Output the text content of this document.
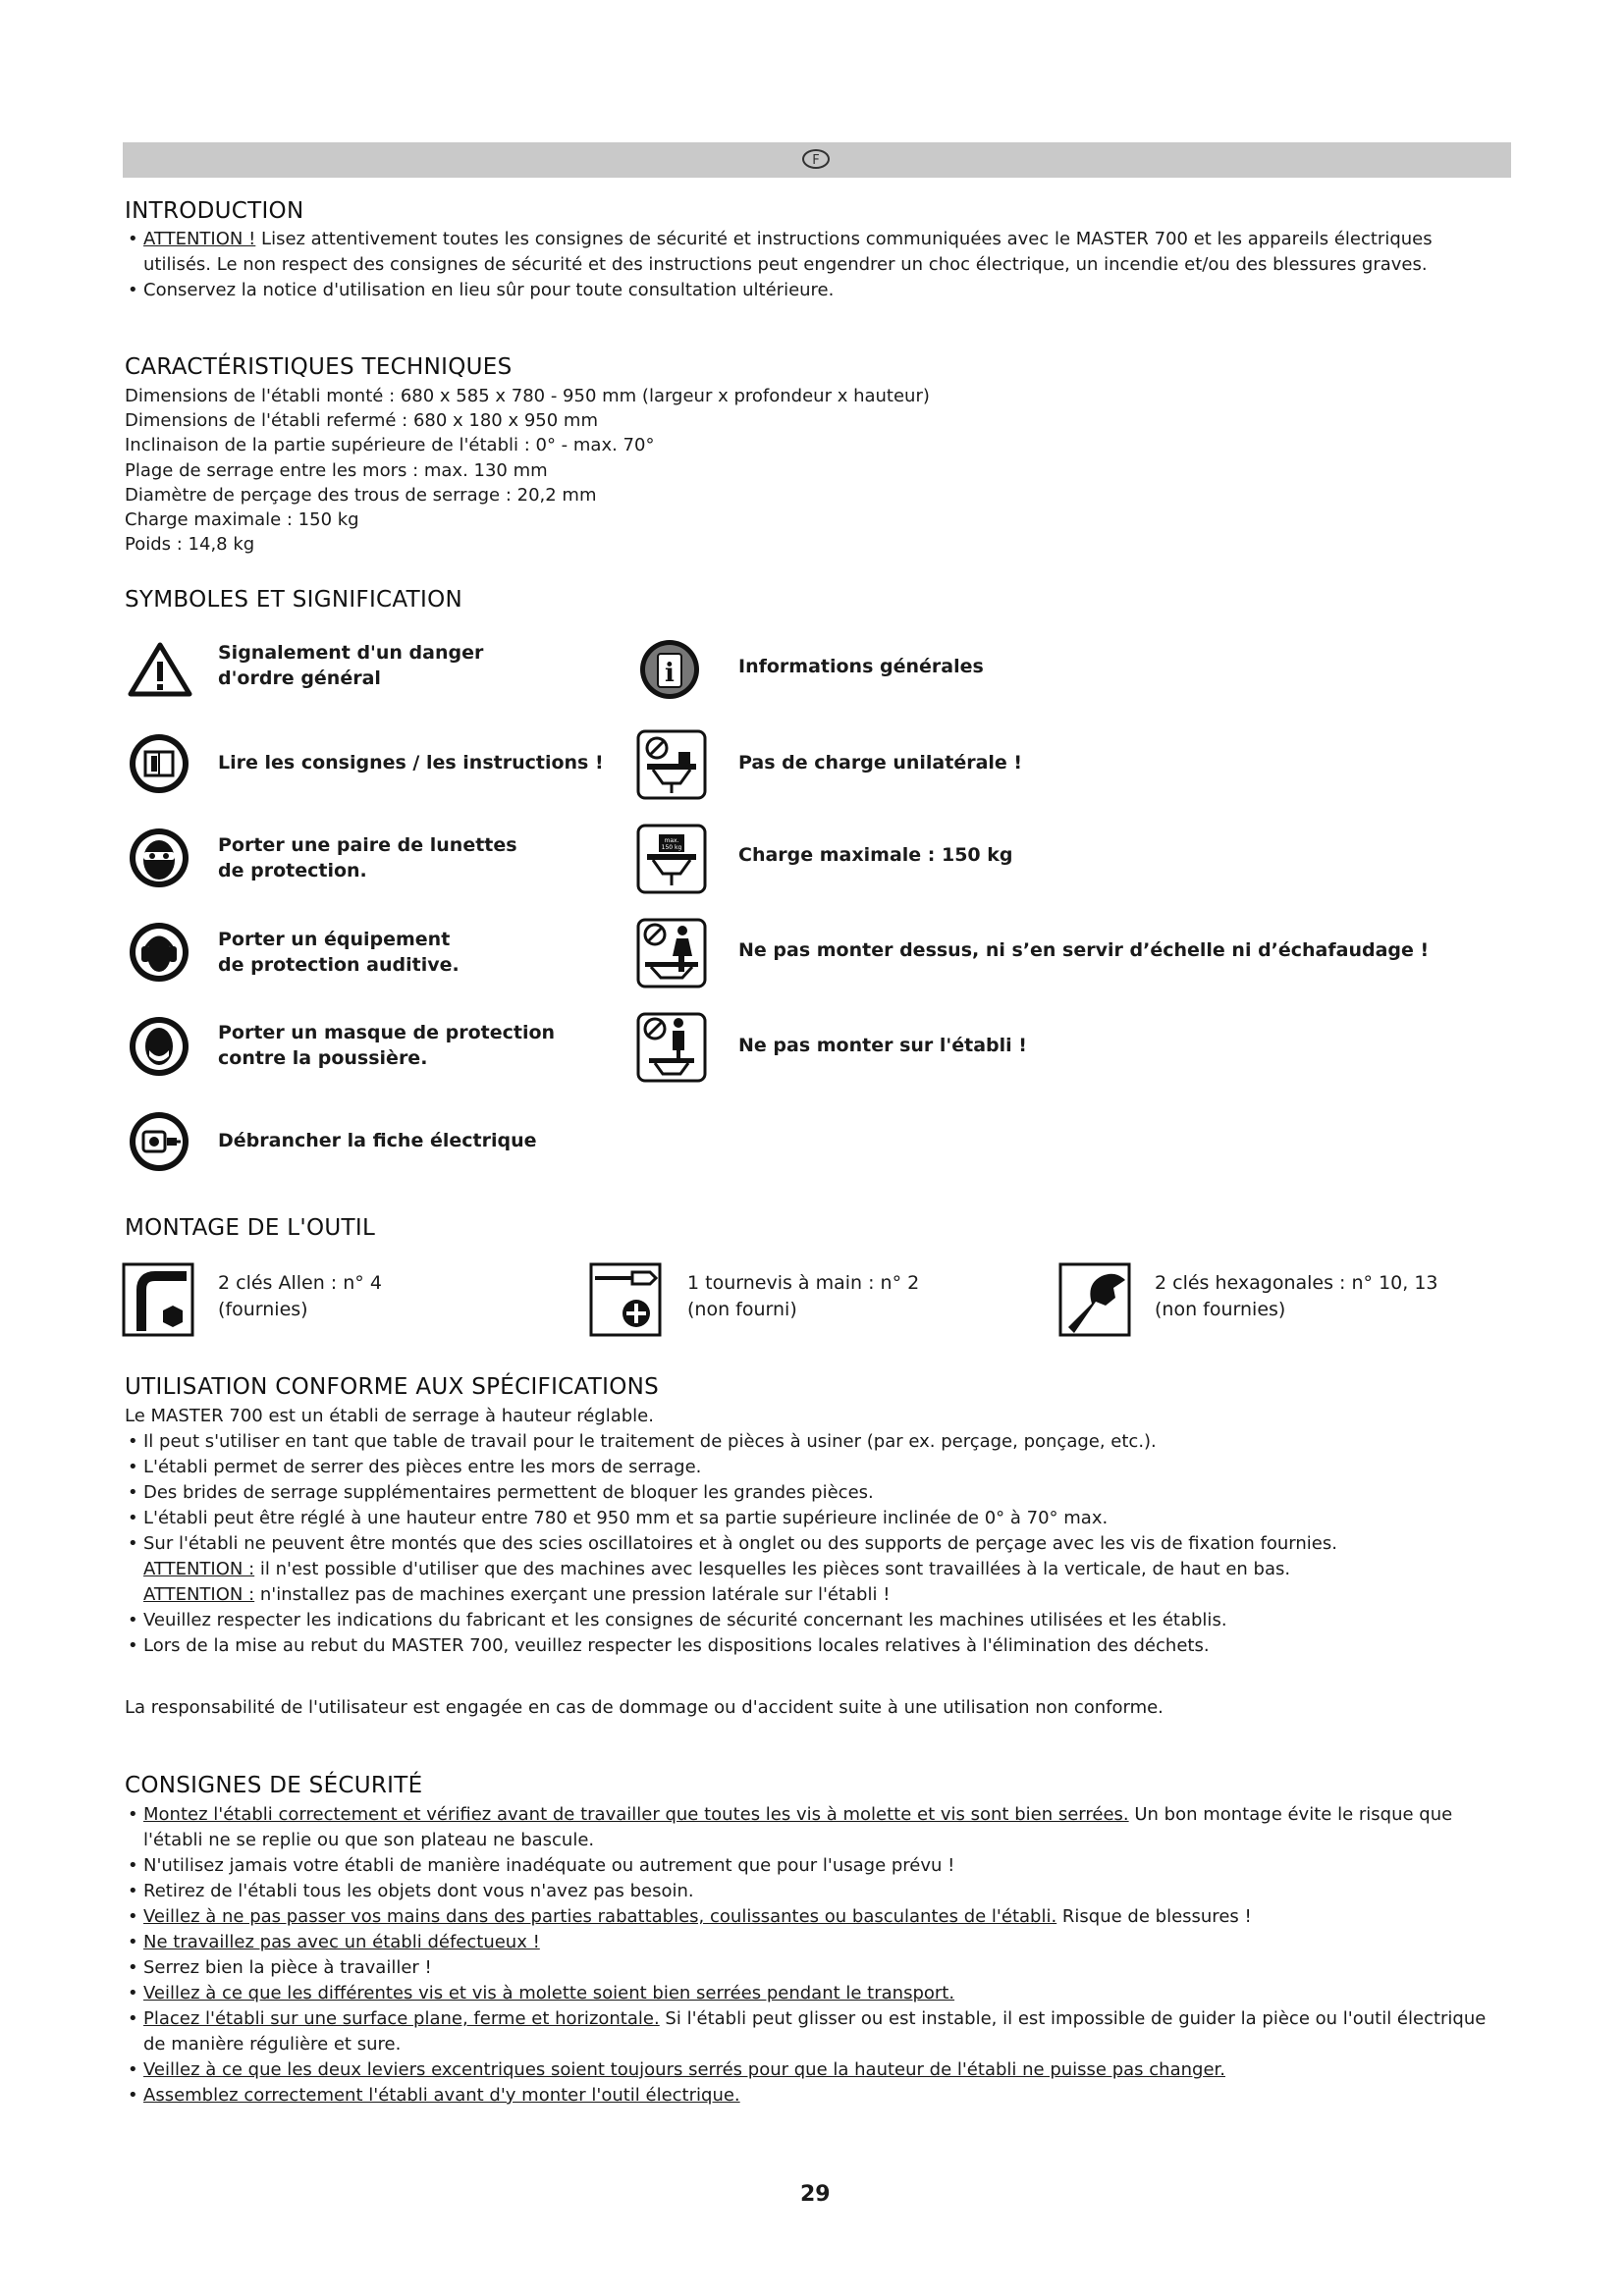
F
INTRODUCTION
• ATTENTION ! Lisez attentivement toutes les consignes de sécurité et instructions communiquées avec le MASTER 700 et les appareils électriques utilisés. Le non respect des consignes de sécurité et des instructions peut engendrer un choc électrique, un incendie et/ou des blessures graves.
• Conservez la notice d'utilisation en lieu sûr pour toute consultation ultérieure.
CARACTÉRISTIQUES TECHNIQUES
Dimensions de l'établi monté : 680 x 585 x 780 - 950 mm (largeur x profondeur x hauteur)
Dimensions de l'établi refermé : 680 x 180 x 950 mm
Inclinaison de la partie supérieure de l'établi : 0° - max. 70°
Plage de serrage entre les mors : max. 130 mm
Diamètre de perçage des trous de serrage : 20,2 mm
Charge maximale : 150 kg
Poids : 14,8 kg
SYMBOLES ET SIGNIFICATION
Signalement d'un danger
d'ordre général
Lire les consignes / les instructions !
Porter une paire de lunettes
de protection.
Porter un équipement
de protection auditive.
Porter un masque de protection
contre la poussière.
Débrancher la fiche électrique
i	Informations générales
Pas de charge unilatérale !
max.
150 kg	Charge maximale : 150 kg
Ne pas monter dessus, ni s’en servir d’échelle ni d’échafaudage !
Ne pas monter sur l'établi !
MONTAGE DE L'OUTIL
2 clés Allen : n° 4
(fournies)
1 tournevis à main : n° 2
(non fourni)
2 clés hexagonales : n° 10, 13
(non fournies)
UTILISATION CONFORME AUX SPÉCIFICATIONS
Le MASTER 700 est un établi de serrage à hauteur réglable.
• Il peut s'utiliser en tant que table de travail pour le traitement de pièces à usiner (par ex. perçage, ponçage, etc.).
• L'établi permet de serrer des pièces entre les mors de serrage.
• Des brides de serrage supplémentaires permettent de bloquer les grandes pièces.
• L'établi peut être réglé à une hauteur entre 780 et 950 mm et sa partie supérieure inclinée de 0° à 70° max.
• Sur l'établi ne peuvent être montés que des scies oscillatoires et à onglet ou des supports de perçage avec les vis de fixation fournies.
ATTENTION : il n'est possible d'utiliser que des machines avec lesquelles les pièces sont travaillées à la verticale, de haut en bas.
ATTENTION : n'installez pas de machines exerçant une pression latérale sur l'établi !
• Veuillez respecter les indications du fabricant et les consignes de sécurité concernant les machines utilisées et les établis.
• Lors de la mise au rebut du MASTER 700, veuillez respecter les dispositions locales relatives à l'élimination des déchets.
La responsabilité de l'utilisateur est engagée en cas de dommage ou d'accident suite à une utilisation non conforme.
CONSIGNES DE SÉCURITÉ
• Montez l'établi correctement et vérifiez avant de travailler que toutes les vis à molette et vis sont bien serrées. Un bon montage évite le risque que l'établi ne se replie ou que son plateau ne bascule.
• N'utilisez jamais votre établi de manière inadéquate ou autrement que pour l'usage prévu !
• Retirez de l'établi tous les objets dont vous n'avez pas besoin.
• Veillez à ne pas passer vos mains dans des parties rabattables, coulissantes ou basculantes de l'établi. Risque de blessures !
• Ne travaillez pas avec un établi défectueux !
• Serrez bien la pièce à travailler !
• Veillez à ce que les différentes vis et vis à molette soient bien serrées pendant le transport.
• Placez l'établi sur une surface plane, ferme et horizontale. Si l'établi peut glisser ou est instable, il est impossible de guider la pièce ou l'outil électrique de manière régulière et sure.
• Veillez à ce que les deux leviers excentriques soient toujours serrés pour que la hauteur de l'établi ne puisse pas changer.
• Assemblez correctement l'établi avant d'y monter l'outil électrique.
29
